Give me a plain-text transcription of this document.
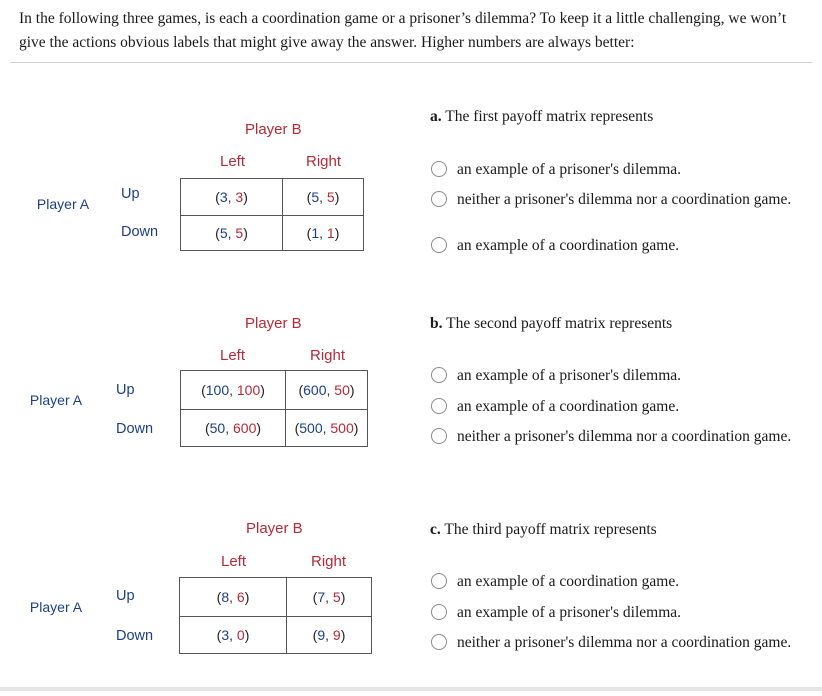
In the following three games, is each a coordination game or a prisoner’s dilemma? To keep it a little challenging, we won’t give the actions obvious labels that might give away the answer. Higher numbers are always better:
Player B
Left	Right
Player A
Up
Down
(3, 3)	(5, 5)
(5, 5)	(1, 1)
a. The first payoff matrix represents
an example of a prisoner's dilemma.
neither a prisoner's dilemma nor a coordination game.
an example of a coordination game.
Player B
Left	Right
Player A
Up
Down
(100, 100)	(600, 50)
(50, 600)	(500, 500)
b. The second payoff matrix represents
an example of a prisoner's dilemma.
an example of a coordination game.
neither a prisoner's dilemma nor a coordination game.
Player B
Left	Right
Player A
Up
Down
(8, 6)	(7, 5)
(3, 0)	(9, 9)
c. The third payoff matrix represents
an example of a coordination game.
an example of a prisoner's dilemma.
neither a prisoner's dilemma nor a coordination game.
